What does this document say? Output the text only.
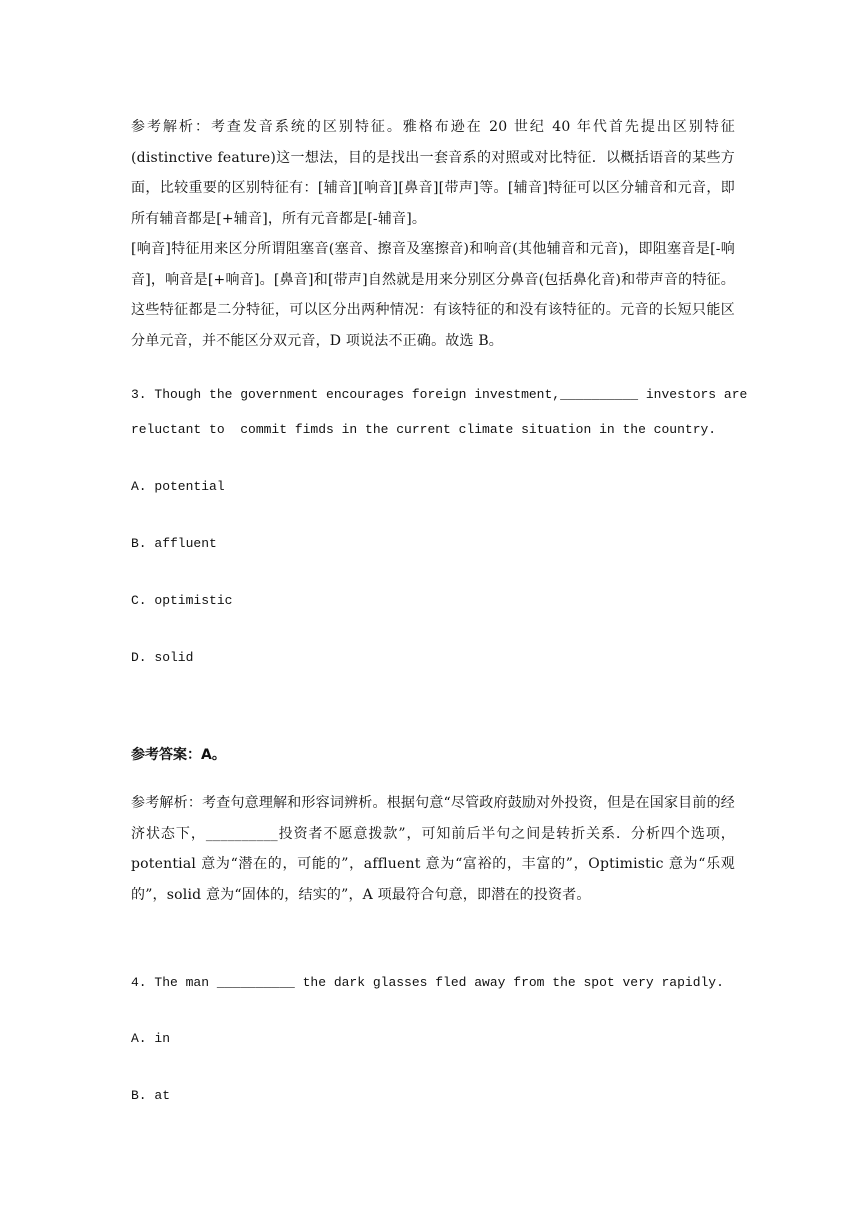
参考解析：考查发音系统的区别特征。雅格布逊在 20 世纪 40 年代首先提出区别特征(distinctive feature)这一想法，目的是找出一套音系的对照或对比特征．以概括语音的某些方面，比较重要的区别特征有：[辅音][响音][鼻音][带声]等。[辅音]特征可以区分辅音和元音，即所有辅音都是[+辅音]，所有元音都是[-辅音]。

[响音]特征用来区分所谓阻塞音(塞音、擦音及塞擦音)和响音(其他辅音和元音)，即阻塞音是[-响音]，响音是[+响音]。[鼻音]和[带声]自然就是用来分别区分鼻音(包括鼻化音)和带声音的特征。这些特征都是二分特征，可以区分出两种情况：有该特征的和没有该特征的。元音的长短只能区分单元音，并不能区分双元音，D 项说法不正确。故选 B。

3. Though the government encourages foreign investment,__________ investors are

reluctant to  commit fimds in the current climate situation in the country.

A. potential

B. affluent

C. optimistic

D. solid

参考答案：A。

参考解析：考查句意理解和形容词辨析。根据句意“尽管政府鼓励对外投资，但是在国家目前的经济状态下，__________投资者不愿意拨款”，可知前后半句之间是转折关系．分析四个选项，potential 意为“潜在的，可能的”，affluent 意为“富裕的，丰富的”，Optimistic 意为“乐观的”，solid 意为“固体的，结实的”，A 项最符合句意，即潜在的投资者。

4. The man __________ the dark glasses fled away from the spot very rapidly.

A. in

B. at
